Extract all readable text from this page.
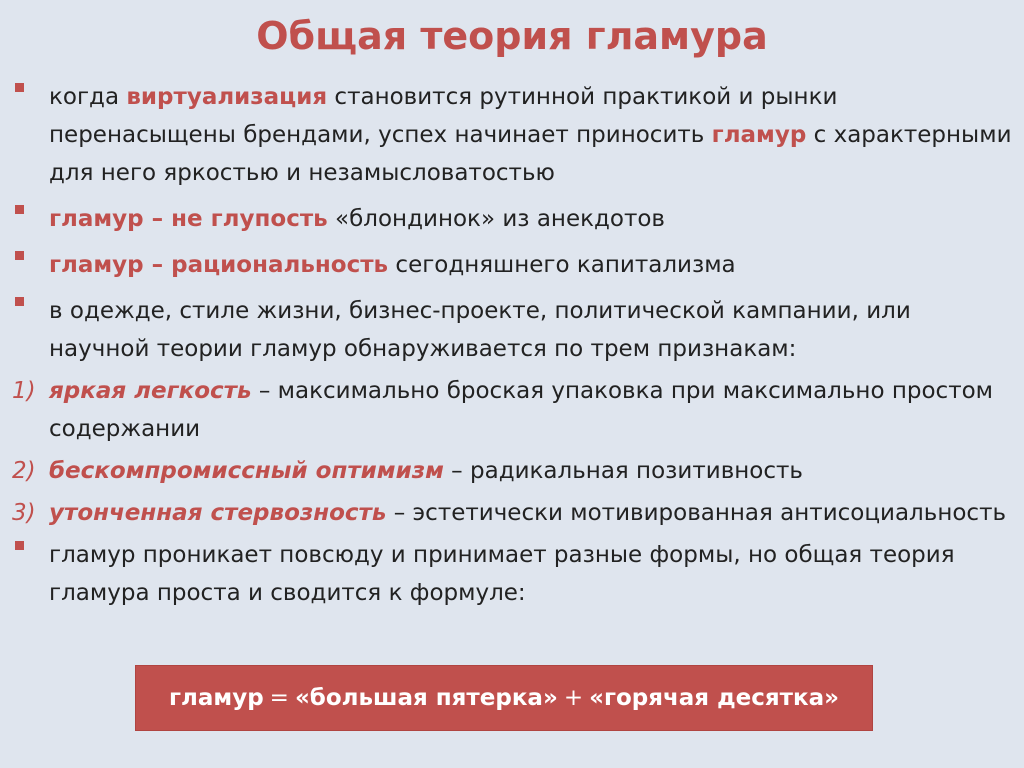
Общая теория гламура
когда виртуализация становится рутинной практикой и рынки перенасыщены брендами, успех начинает приносить гламур с характерными для него яркостью и незамысловатостью
гламур – не глупость «блондинок» из анекдотов
гламур – рациональность сегодняшнего капитализма
в одежде, стиле жизни, бизнес-проекте, политической кампании, или научной теории гламур обнаруживается по трем признакам:
1) яркая легкость – максимально броская упаковка при максимально простом содержании
2) бескомпромиссный оптимизм – радикальная позитивность
3) утонченная стервозность – эстетически мотивированная антисоциальность
гламур проникает повсюду и принимает разные формы, но общая теория гламура проста и сводится к формуле:
гламур = «большая пятерка» + «горячая десятка»
